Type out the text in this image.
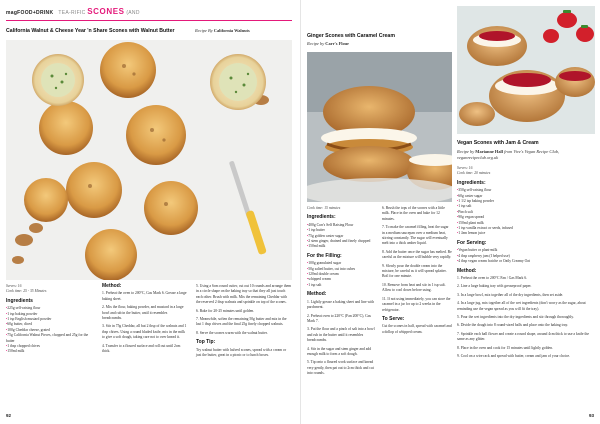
magFOOD+DRINK TEA-RIFIC SCONES (AND
California Walnut & Cheese Year 'n Share Scones with Walnut Butter	Recipe By California Walnuts
Serves: 16
Cook time: 25 - 35 Minutes
Ingredients
• 225g self-raising flour
• 1 tsp baking powder
• 1 tsp English mustard powder
• 60g butter, diced
• 100g Cheddar cheese, grated
• 75g California Walnut Pieces, chopped and 25g for the butter
• 1 tbsp chopped chives
• 150ml milk
Method:

1. Preheat the oven to 200°C, Gas Mark 6. Grease a large baking sheet.

2. Mix the flour, baking powder, and mustard in a large bowl and rub in the butter, until it resembles breadcrumbs.

3. Stir in 75g Cheddar, all but 2 tbsp of the walnuts and 1 tbsp chives. Using a round bladed knife, mix in the milk to give a soft dough, taking care not to over knead it.

4. Transfer to a floured surface and roll out until 2cm thick.

5. Using a 6cm round cutter, cut out 10 rounds and arrange them in a circle shape on the baking tray so that they all just touch each other. Brush with milk. Mix the remaining Cheddar with the reserved 2 tbsp walnuts and sprinkle on top of the scones.

6. Bake for 20-25 minutes until golden.

7. Meanwhile, soften the remaining 50g butter and mix in the last 1 tbsp chives and the final 25g finely chopped walnuts.

8. Serve the scones warm with the walnut butter.

Top Tip:

Try walnut butter with halved scones, spread with a cream or just the butter, great in a picnic or to lunch boxes.

92
Ginger Scones with Caramel Cream
Recipe by Carr's Flour
Cook time: 15 minutes
Ingredients:
• 400g Carr's Self Raising Flour
• 1 tsp butter
• 75g golden caster sugar
• 2 stem ginger, drained and finely chopped
• 150ml milk
For the Filling:
• 100g granulated sugar
• 50g salted butter, cut into cubes
• 120ml double cream
• whipped cream
• 1 tsp salt
Method:

1. Lightly grease a baking sheet and line with parchment.

2. Preheat oven to 220°C (Fan 200°C), Gas Mark 7.

3. Put the flour and a pinch of salt into a bowl and rub in the butter until it resembles breadcrumbs.

4. Stir in the sugar and stem ginger and add enough milk to form a soft dough.

5. Tip onto a floured work surface and knead very gently, then pat out to 2cm thick and cut into rounds.

6. Brush the tops of the scones with a little milk. Place in the oven and bake for 12 minutes.

7. To make the caramel filling, heat the sugar in a medium saucepan over a medium heat, stirring constantly. The sugar will eventually melt into a thick amber liquid.

8. Add the butter once the sugar has melted. Be careful as the mixture will bubble very rapidly.

9. Slowly pour the double cream into the mixture, be careful as it will spread splatter. Boil for one minute.

10. Remove from heat and stir in 1 tsp salt. Allow to cool down before using.

11. If not using immediately, you can store the caramel in a jar for up to 2 weeks in the refrigerator.

To Serve:

Cut the scones in half, spread with caramel and a dollop of whipped cream.

Vegan Scones with Jam & Cream
Recipe by Marianne Hall from Vive's Vegan Recipe Club, veganrecipeclub.org.uk
Serves: 16
Cook time: 20 minutes
Ingredients:
• 350g self-raising flour
• 60g caster sugar
• 1 1/2 tsp baking powder
• 1 tsp salt
• Pinch salt
• 90g vegan spread
• 150ml plant milk
• 1 tsp vanilla extract or seeds, infused
• 1 Jam lemon juice
For Serving:
• Vegan butter or plant-milk
• 4 tbsp raspberry jam (I helped use)
• 4 tbsp vegan cream fraiche or Oatly Creamy Oat
Method:

1. Preheat the oven to 200°C Fan / Gas Mark 6.

2. Line a large baking tray with greaseproof paper.

3. In a large bowl, mix together all of the dry ingredients, then set aside.

4. In a large jug, mix together all of the wet ingredients (don't worry as the sugar, about reminding use the vegan spread as you will fit the tray).

5. Pour the wet ingredients into the dry ingredients and stir through thoroughly.

6. Divide the dough into 8 round-sized balls and place onto the baking tray.

7. Sprinkle each ball flower and create a round shape, around 4cm thick to use a knife the same as any glitter.

8. Place in the oven and cook for 15 minutes until lightly golden.

9. Cool on a wire rack and spread with butter, cream and jam of your choice.

93
